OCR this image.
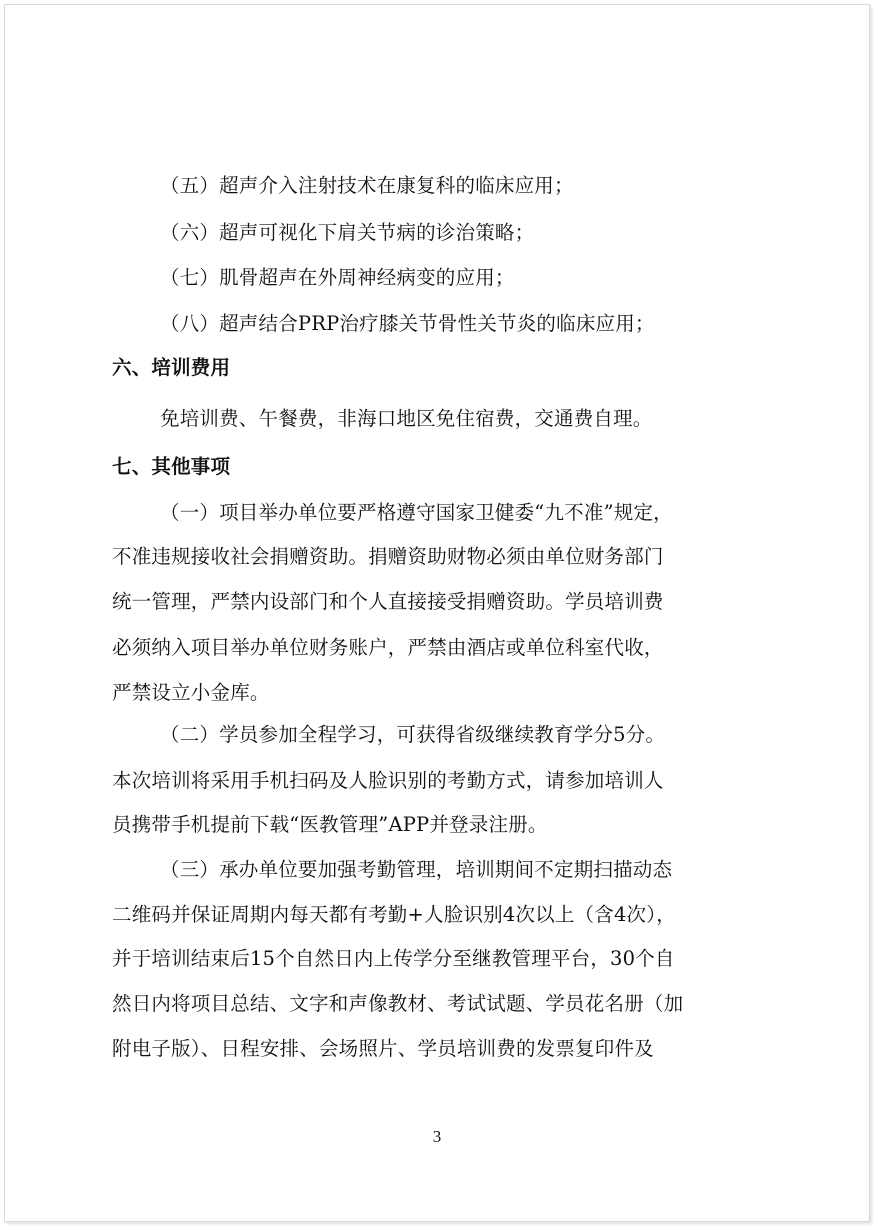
（五）超声介入注射技术在康复科的临床应用；
（六）超声可视化下肩关节病的诊治策略；
（七）肌骨超声在外周神经病变的应用；
（八）超声结合PRP治疗膝关节骨性关节炎的临床应用；
六、培训费用
免培训费、午餐费，非海口地区免住宿费，交通费自理。
七、其他事项
（一）项目举办单位要严格遵守国家卫健委“九不准”规定，
不准违规接收社会捐赠资助。捐赠资助财物必须由单位财务部门
统一管理，严禁内设部门和个人直接接受捐赠资助。学员培训费
必须纳入项目举办单位财务账户，严禁由酒店或单位科室代收，
严禁设立小金库。
（二）学员参加全程学习，可获得省级继续教育学分5分。
本次培训将采用手机扫码及人脸识别的考勤方式，请参加培训人
员携带手机提前下载“医教管理”APP并登录注册。
（三）承办单位要加强考勤管理，培训期间不定期扫描动态
二维码并保证周期内每天都有考勤+人脸识别4次以上（含4次），
并于培训结束后15个自然日内上传学分至继教管理平台，30个自
然日内将项目总结、文字和声像教材、考试试题、学员花名册（加
附电子版）、日程安排、会场照片、学员培训费的发票复印件及
3
